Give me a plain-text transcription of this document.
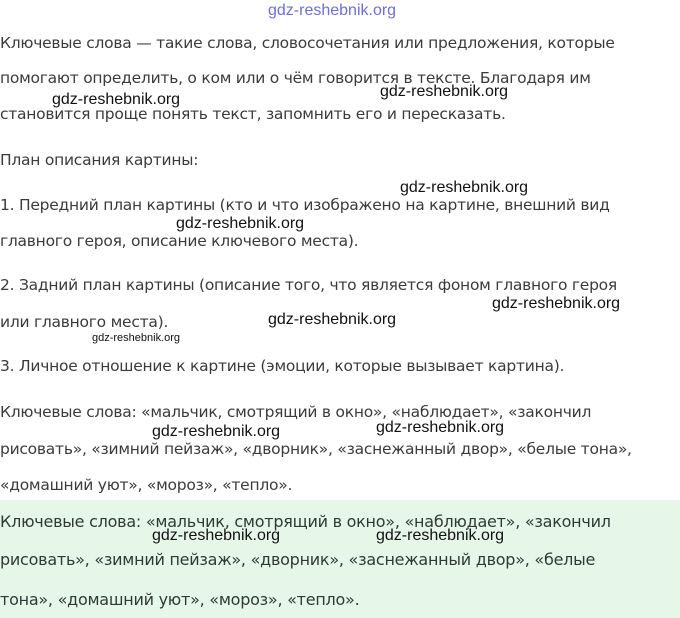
Ключевые слова: «мальчик, смотрящий в окно», «наблюдает», «закончил
рисовать», «зимний пейзаж», «дворник», «заснежанный двор», «белые
тона», «домашний уют», «мороз», «тепло».
Ключевые слова — такие слова, словосочетания или предложения, которые
помогают определить, о ком или о чём говорится в тексте. Благодаря им
становится проще понять текст, запомнить его и пересказать.
План описания картины:
1. Передний план картины (кто и что изображено на картине, внешний вид
главного героя, описание ключевого места).
2. Задний план картины (описание того, что является фоном главного героя
или главного места).
3. Личное отношение к картине (эмоции, которые вызывает картина).
Ключевые слова: «мальчик, смотрящий в окно», «наблюдает», «закончил
рисовать», «зимний пейзаж», «дворник», «заснежанный двор», «белые тона»,
«домашний уют», «мороз», «тепло».
gdz-reshebnik.org
gdz-reshebnik.org	gdz-reshebnik.org
gdz-reshebnik.org
gdz-reshebnik.org
gdz-reshebnik.org
gdz-reshebnik.org
gdz-reshebnik.org
gdz-reshebnik.org	gdz-reshebnik.org
gdz-reshebnik.org	gdz-reshebnik.org
